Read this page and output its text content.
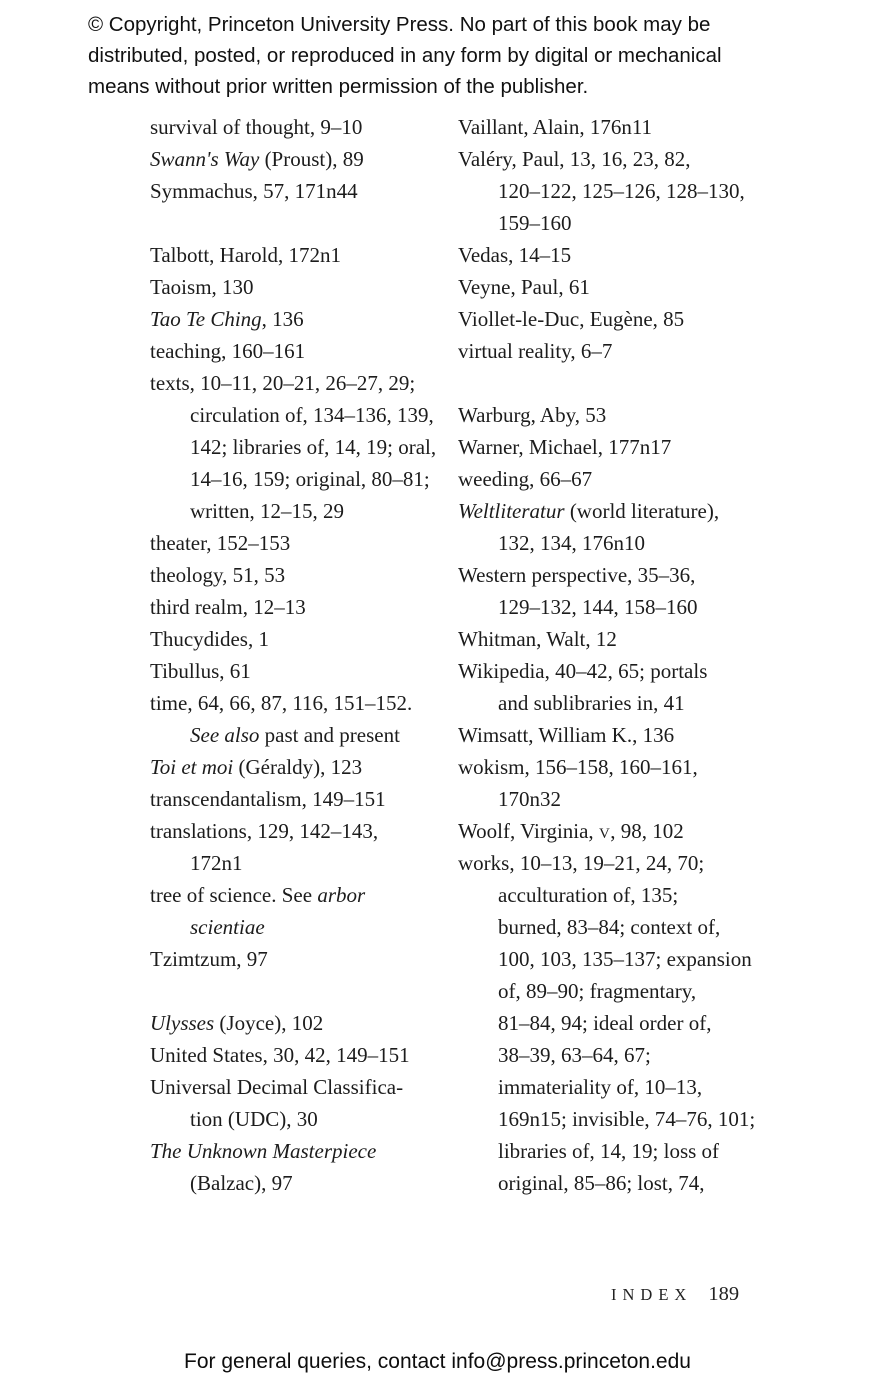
© Copyright, Princeton University Press. No part of this book may be
distributed, posted, or reproduced in any form by digital or mechanical
means without prior written permission of the publisher.
survival of thought, 9–10
Swann's Way (Proust), 89
Symmachus, 57, 171n44
Talbott, Harold, 172n1
Taoism, 130
Tao Te Ching, 136
teaching, 160–161
texts, 10–11, 20–21, 26–27, 29;
circulation of, 134–136, 139,
142; libraries of, 14, 19; oral,
14–16, 159; original, 80–81;
written, 12–15, 29
theater, 152–153
theology, 51, 53
third realm, 12–13
Thucydides, 1
Tibullus, 61
time, 64, 66, 87, 116, 151–152.
See also past and present
Toi et moi (Géraldy), 123
transcendantalism, 149–151
translations, 129, 142–143,
172n1
tree of science. See arbor
scientiae
Tzimtzum, 97
Ulysses (Joyce), 102
United States, 30, 42, 149–151
Universal Decimal Classifica-
tion (UDC), 30
The Unknown Masterpiece
(Balzac), 97
Vaillant, Alain, 176n11
Valéry, Paul, 13, 16, 23, 82,
120–122, 125–126, 128–130,
159–160
Vedas, 14–15
Veyne, Paul, 61
Viollet-le-Duc, Eugène, 85
virtual reality, 6–7
Warburg, Aby, 53
Warner, Michael, 177n17
weeding, 66–67
Weltliteratur (world literature),
132, 134, 176n10
Western perspective, 35–36,
129–132, 144, 158–160
Whitman, Walt, 12
Wikipedia, 40–42, 65; portals
and sublibraries in, 41
Wimsatt, William K., 136
wokism, 156–158, 160–161,
170n32
Woolf, Virginia, v, 98, 102
works, 10–13, 19–21, 24, 70;
acculturation of, 135;
burned, 83–84; context of,
100, 103, 135–137; expansion
of, 89–90; fragmentary,
81–84, 94; ideal order of,
38–39, 63–64, 67;
immateriality of, 10–13,
169n15; invisible, 74–76, 101;
libraries of, 14, 19; loss of
original, 85–86; lost, 74,
INDEX 189
For general queries, contact info@press.princeton.edu
